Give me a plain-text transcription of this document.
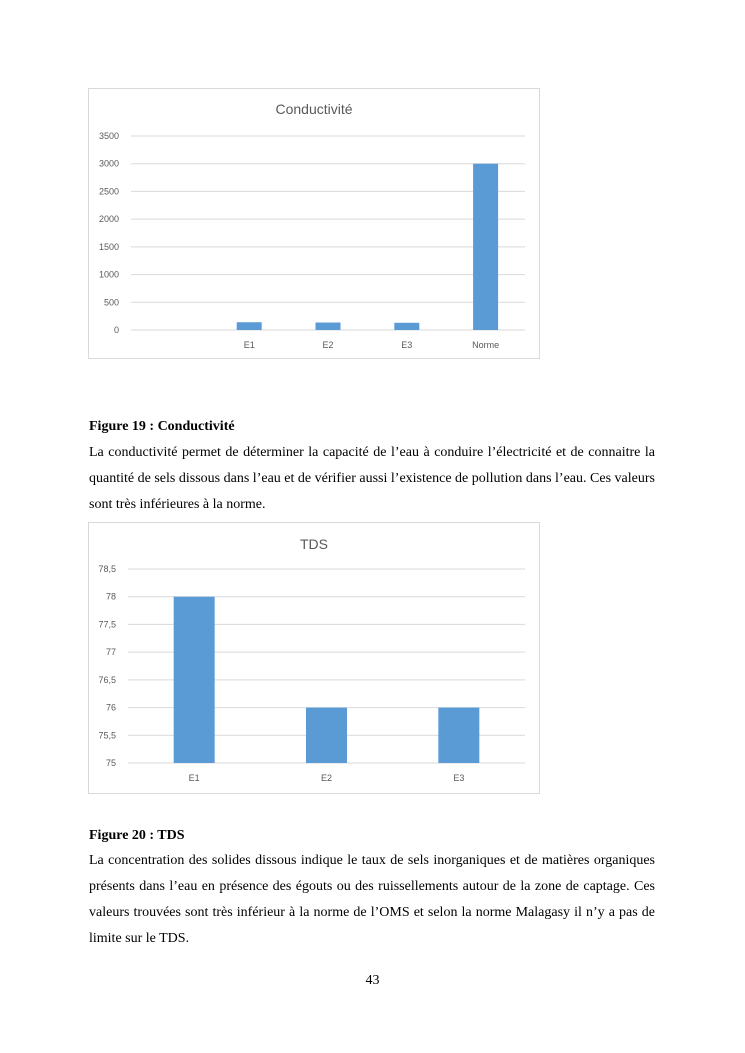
Conductivité
0
500
1000
1500
2000
2500
3000
3500
E1	E2	E3	Norme
Figure 19 : Conductivité
La conductivité permet de déterminer la capacité de l’eau à conduire l’électricité et de connaitre la quantité de sels dissous dans l’eau et de vérifier aussi l’existence de pollution dans l’eau. Ces valeurs sont très inférieures à la norme.
TDS
75
75,5
76
76,5
77
77,5
78
78,5
E1	E2	E3
Figure 20 : TDS
La concentration des solides dissous indique le taux de sels inorganiques et de matières organiques présents dans l’eau en présence des égouts ou des ruissellements autour de la zone de captage. Ces valeurs trouvées sont très inférieur à la norme de l’OMS et selon la norme Malagasy il n’y a pas de limite sur le TDS.
43
